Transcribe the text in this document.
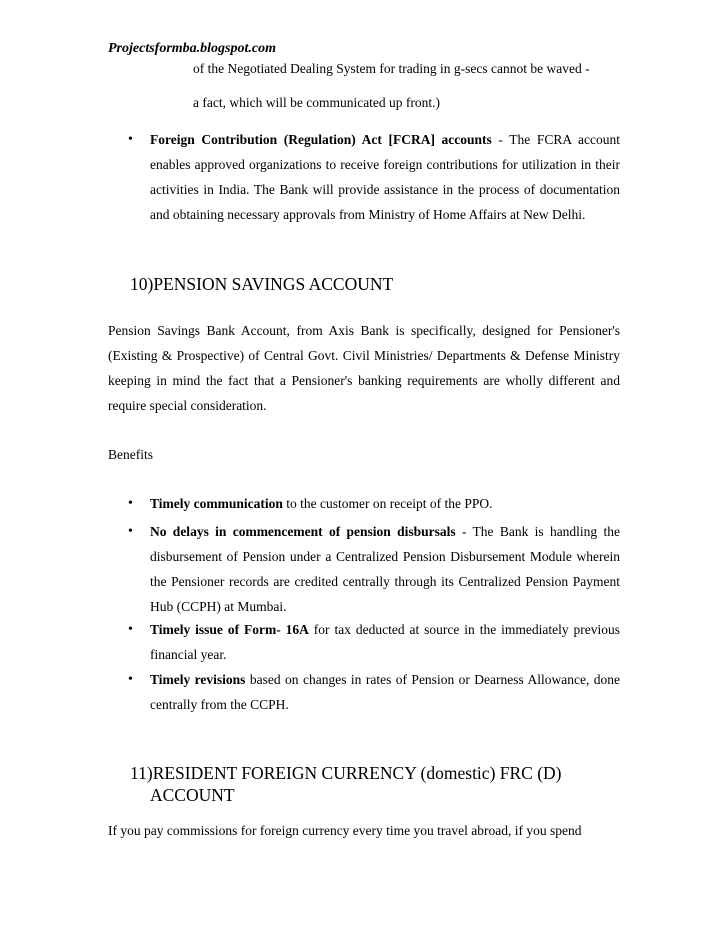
Projectsformba.blogspot.com
of the Negotiated Dealing System for trading in g-secs cannot be waved -
a fact, which will be communicated up front.)
• Foreign Contribution (Regulation) Act [FCRA] accounts - The FCRA account enables approved organizations to receive foreign contributions for utilization in their activities in India. The Bank will provide assistance in the process of documentation and obtaining necessary approvals from Ministry of Home Affairs at New Delhi.
10)PENSION SAVINGS ACCOUNT
Pension Savings Bank Account, from Axis Bank is specifically, designed for Pensioner's (Existing & Prospective) of Central Govt. Civil Ministries/ Departments & Defense Ministry keeping in mind the fact that a Pensioner's banking requirements are wholly different and require special consideration.
Benefits
• Timely communication to the customer on receipt of the PPO.
• No delays in commencement of pension disbursals - The Bank is handling the disbursement of Pension under a Centralized Pension Disbursement Module wherein the Pensioner records are credited centrally through its Centralized Pension Payment Hub (CCPH) at Mumbai.
• Timely issue of Form- 16A for tax deducted at source in the immediately previous financial year.
• Timely revisions based on changes in rates of Pension or Dearness Allowance, done centrally from the CCPH.
11)RESIDENT FOREIGN CURRENCY (domestic) FRC (D)
ACCOUNT
If you pay commissions for foreign currency every time you travel abroad, if you spend
